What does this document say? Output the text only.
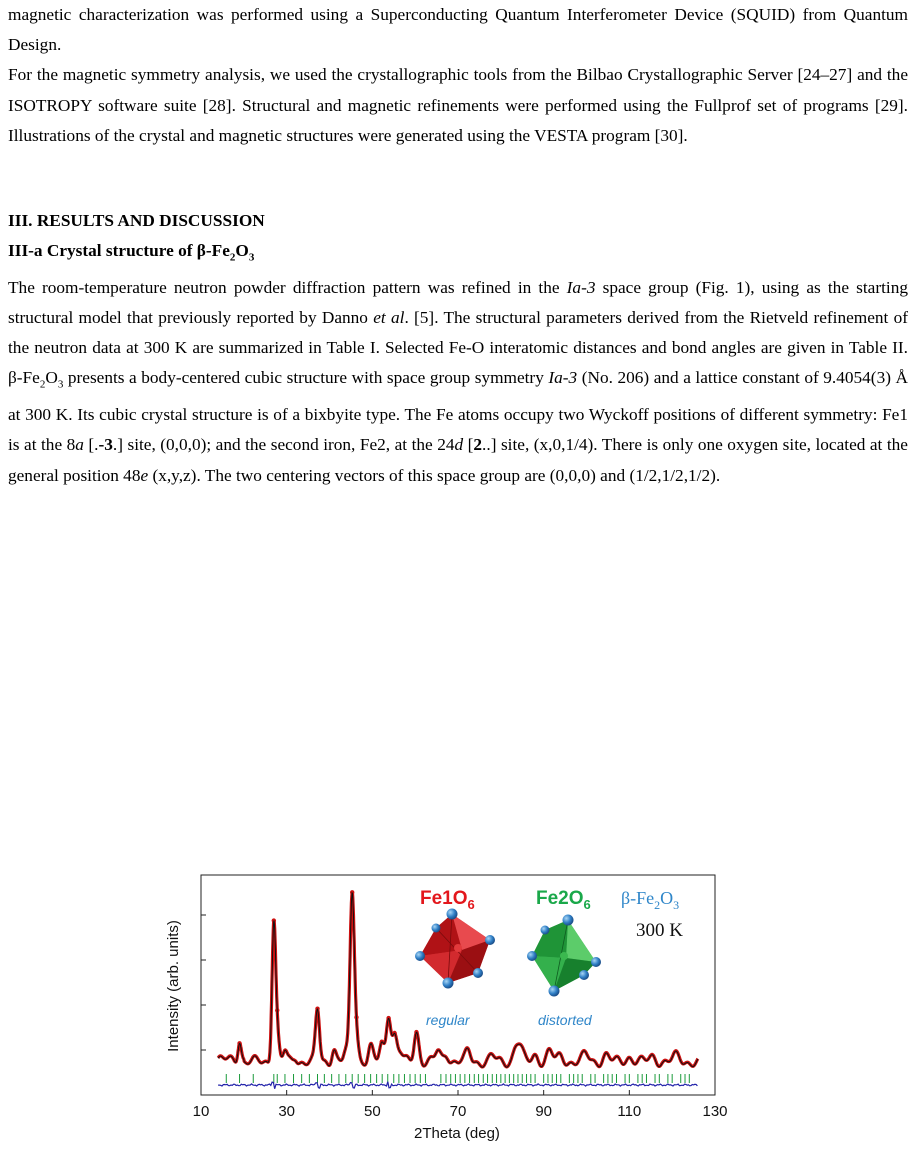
magnetic characterization was performed using a Superconducting Quantum Interferometer Device (SQUID) from Quantum Design.

For the magnetic symmetry analysis, we used the crystallographic tools from the Bilbao Crystallographic Server [24–27] and the ISOTROPY software suite [28]. Structural and magnetic refinements were performed using the Fullprof set of programs [29]. Illustrations of the crystal and magnetic structures were generated using the VESTA program [30].

III. RESULTS AND DISCUSSION
III-a Crystal structure of $\beta-Fe_2O_3$

The room-temperature neutron powder diffraction pattern was refined in the Ia-3 space group (Fig. 1), using as the starting structural model that previously reported by Danno et al. [5]. The structural parameters derived from the Rietveld refinement of the neutron data at 300 K are summarized in Table I. Selected Fe-O interatomic distances and bond angles are given in Table II. $\beta-Fe_2O_3$ presents a body-centered cubic structure with space group symmetry Ia-3 (No. 206) and a lattice constant of 9.4054(3) Å at 300 K. Its cubic crystal structure is of a bixbyite type. The Fe atoms occupy two Wyckoff positions of different symmetry: Fe1 is at the 8a [.-3.] site, (0,0,0); and the second iron, Fe2, at the 24d [2..] site, (x,0,1/4). There is only one oxygen site, located at the general position 48e (x,y,z). The two centering vectors of this space group are (0,0,0) and (1/2,1/2,1/2).

10	30	50	70	90	110	130
2Theta (deg)
Intensity (arb. units)
$Fe1O_6$	$Fe2O_6$ $\beta-Fe_2O_3$
300 K
regular	distorted
